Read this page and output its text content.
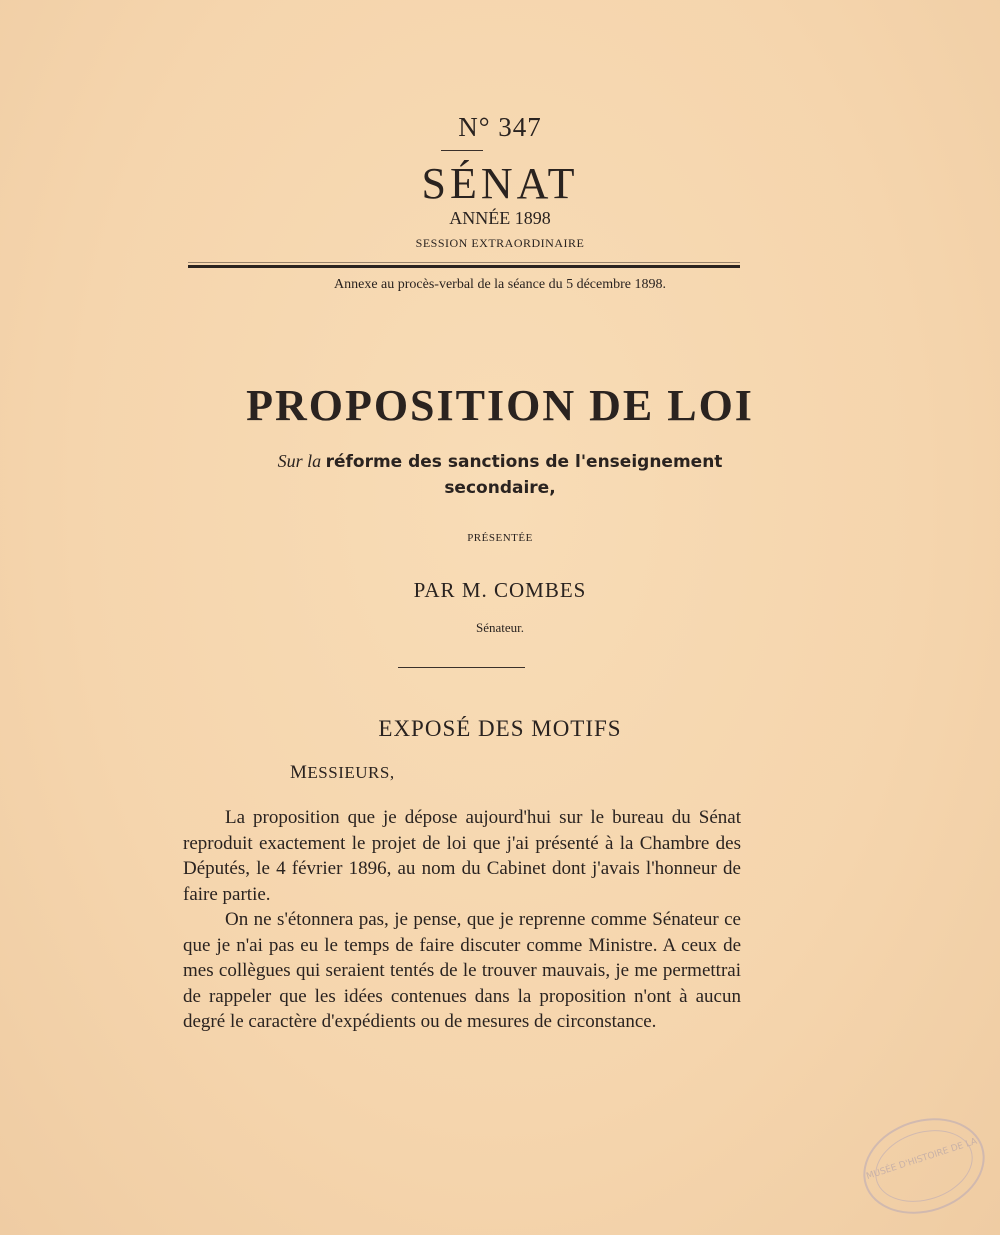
N° 347
SÉNAT
ANNÉE 1898
SESSION EXTRAORDINAIRE
Annexe au procès-verbal de la séance du 5 décembre 1898.
PROPOSITION DE LOI
Sur la réforme des sanctions de l'enseignement
secondaire,
PRÉSENTÉE
PAR M. COMBES
Sénateur.
EXPOSÉ DES MOTIFS
MESSIEURS,

La proposition que je dépose aujourd'hui sur le bureau du Sénat reproduit exactement le projet de loi que j'ai présenté à la Chambre des Députés, le 4 février 1896, au nom du Cabinet dont j'avais l'honneur de faire partie.

On ne s'étonnera pas, je pense, que je reprenne comme Sénateur ce que je n'ai pas eu le temps de faire discuter comme Ministre. A ceux de mes collègues qui seraient tentés de le trouver mauvais, je me permettrai de rappeler que les idées contenues dans la proposition n'ont à aucun degré le caractère d'expédients ou de mesures de circonstance.

MUSÉE D'HISTOIRE DE LA
